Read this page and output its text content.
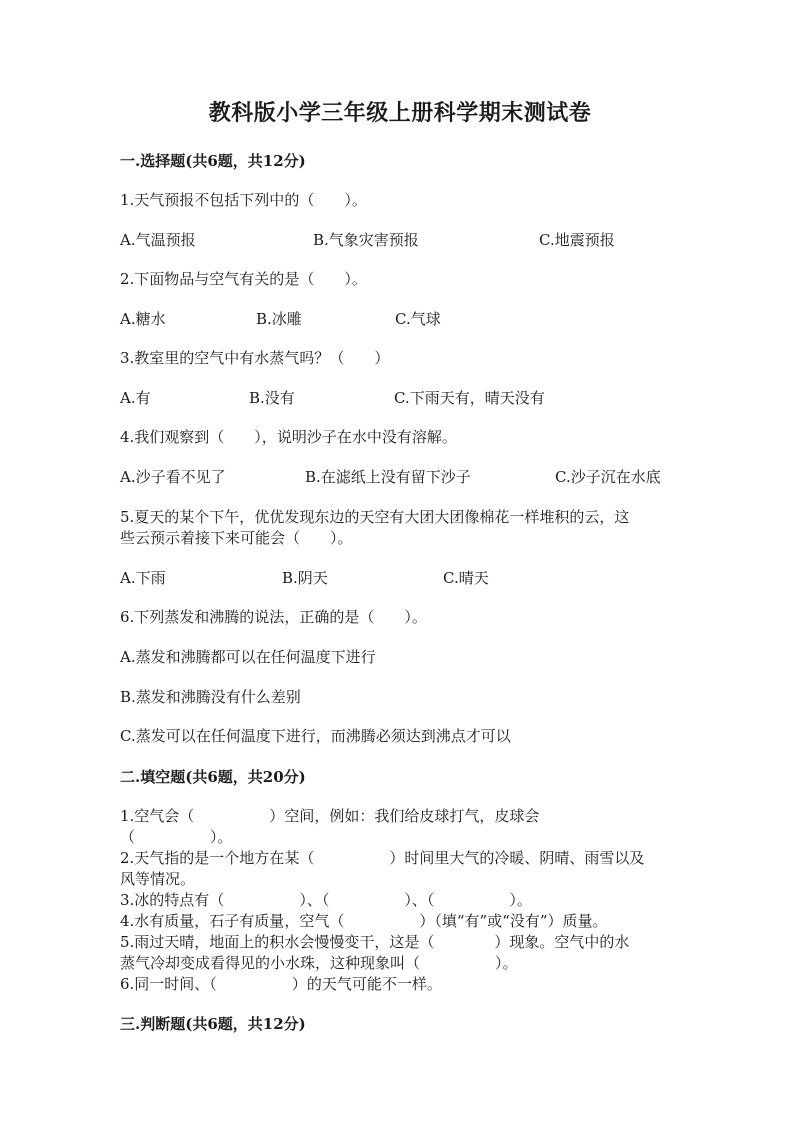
教科版小学三年级上册科学期末测试卷
一.选择题(共6题，共12分)
1.天气预报不包括下列中的（　　）。
A.气温预报	B.气象灾害预报	C.地震预报
2.下面物品与空气有关的是（　　）。
A.糖水	B.冰雕	C.气球
3.教室里的空气中有水蒸气吗？（　　）
A.有	B.没有	C.下雨天有，晴天没有
4.我们观察到（　　），说明沙子在水中没有溶解。
A.沙子看不见了	B.在滤纸上没有留下沙子	C.沙子沉在水底
5.夏天的某个下午，优优发现东边的天空有大团大团像棉花一样堆积的云，这
些云预示着接下来可能会（　　）。
A.下雨	B.阴天	C.晴天
6.下列蒸发和沸腾的说法，正确的是（　　）。
A.蒸发和沸腾都可以在任何温度下进行
B.蒸发和沸腾没有什么差别
C.蒸发可以在任何温度下进行，而沸腾必须达到沸点才可以
二.填空题(共6题，共20分)
1.空气会（　　　　　）空间，例如：我们给皮球打气，皮球会
（　　　　　）。
2.天气指的是一个地方在某（　　　　　）时间里大气的冷暖、阴晴、雨雪以及
风等情况。
3.冰的特点有（　　　　　）、（　　　　　）、（　　　　　）。
4.水有质量，石子有质量，空气（　　　　　）（填“有”或“没有”）质量。
5.雨过天晴，地面上的积水会慢慢变干，这是（　　　　）现象。空气中的水
蒸气冷却变成看得见的小水珠，这种现象叫（　　　　　）。
6.同一时间、（　　　　　）的天气可能不一样。
三.判断题(共6题，共12分)
